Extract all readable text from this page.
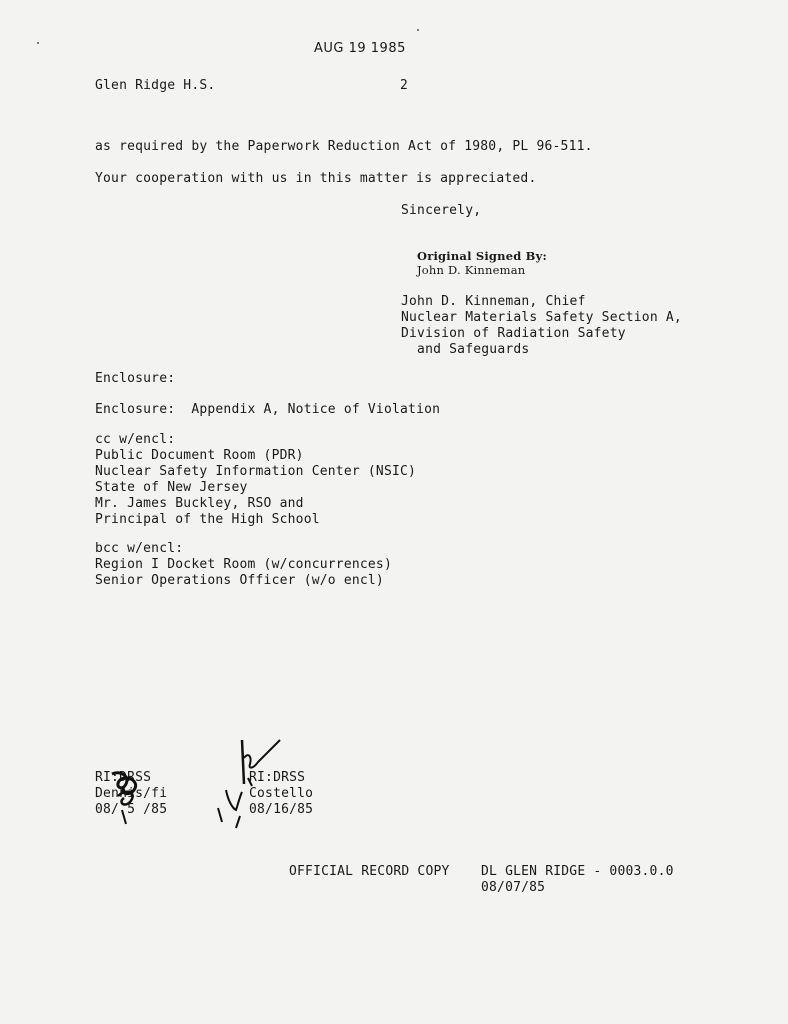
AUG 19 1985
Glen Ridge H.S.	2
as required by the Paperwork Reduction Act of 1980, PL 96-511.
Your cooperation with us in this matter is appreciated.
Sincerely,
Original Signed By:
John D. Kinneman
John D. Kinneman, Chief
Nuclear Materials Safety Section A,
Division of Radiation Safety
and Safeguards
Enclosure:
Enclosure:  Appendix A, Notice of Violation
cc w/encl:
Public Document Room (PDR)
Nuclear Safety Information Center (NSIC)
State of New Jersey
Mr. James Buckley, RSO and
Principal of the High School
bcc w/encl:
Region I Docket Room (w/concurrences)
Senior Operations Officer (w/o encl)
RI:DRSS
Dennis/fi
08/ 5 /85
RI:DRSS
Costello
08/16/85
OFFICIAL RECORD COPY DL GLEN RIDGE - 0003.0.0
08/07/85
